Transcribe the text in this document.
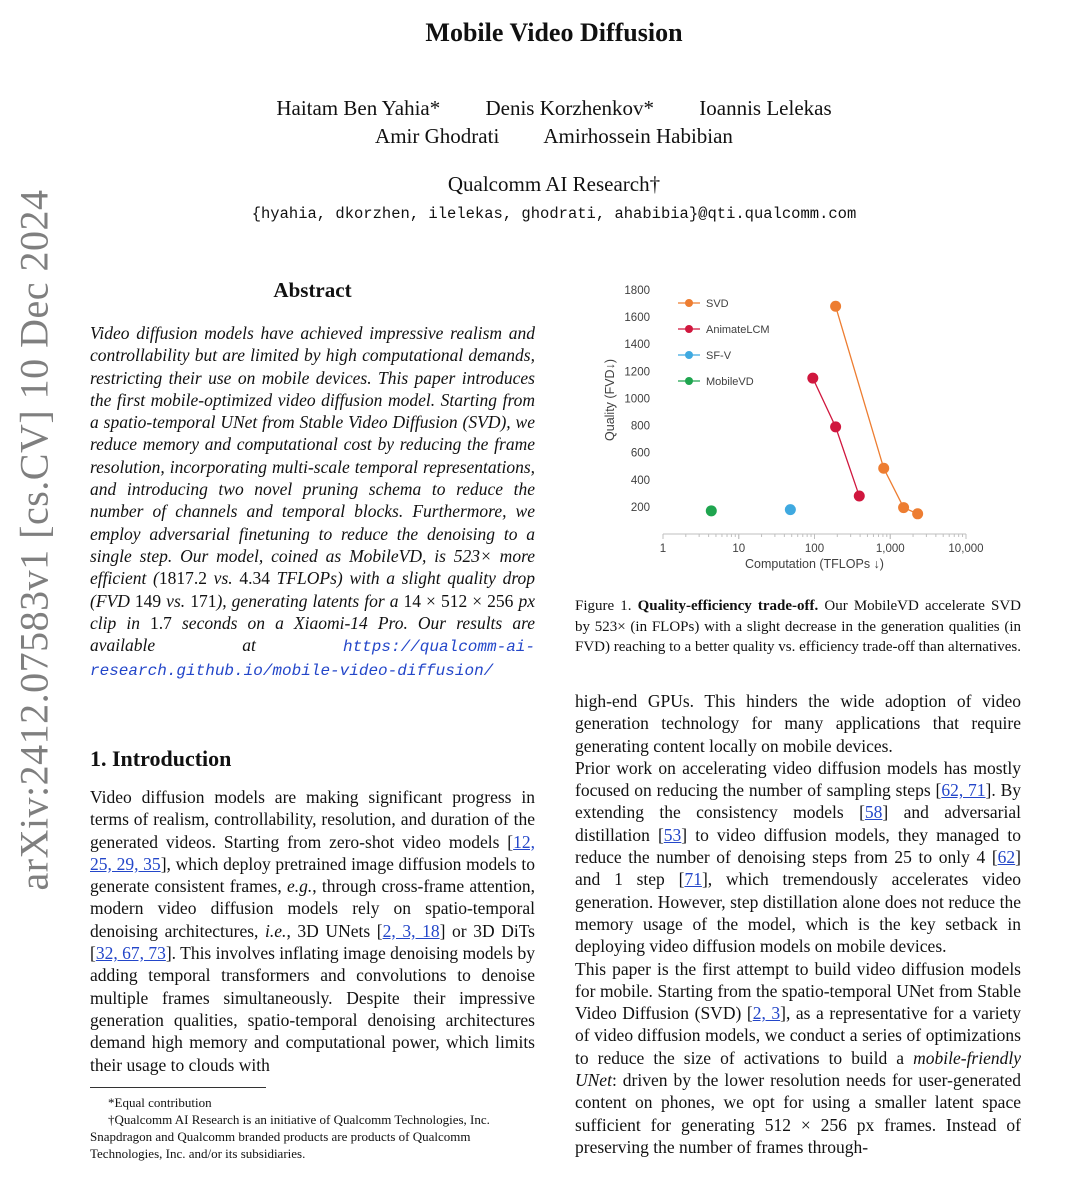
arXiv:2412.07583v1 [cs.CV] 10 Dec 2024
Mobile Video Diffusion
Haitam Ben Yahia* Denis Korzhenkov* Ioannis Lelekas
Amir Ghodrati Amirhossein Habibian
Qualcomm AI Research†
{hyahia, dkorzhen, ilelekas, ghodrati, ahabibia}@qti.qualcomm.com
Abstract
Video diffusion models have achieved impressive realism and controllability but are limited by high computational demands, restricting their use on mobile devices. This paper introduces the first mobile-optimized video diffusion model. Starting from a spatio-temporal UNet from Stable Video Diffusion (SVD), we reduce memory and computational cost by reducing the frame resolution, incorporating multi-scale temporal representations, and introducing two novel pruning schema to reduce the number of channels and temporal blocks. Furthermore, we employ adversarial finetuning to reduce the denoising to a single step. Our model, coined as MobileVD, is 523× more efficient (1817.2 vs. 4.34 TFLOPs) with a slight quality drop (FVD 149 vs. 171), generating latents for a 14 × 512 × 256 px clip in 1.7 seconds on a Xiaomi-14 Pro. Our results are available at https://qualcomm-ai-research.github.io/mobile-video-diffusion/
1. Introduction
Video diffusion models are making significant progress in terms of realism, controllability, resolution, and duration of the generated videos. Starting from zero-shot video models [12, 25, 29, 35], which deploy pretrained image diffusion models to generate consistent frames, e.g., through cross-frame attention, modern video diffusion models rely on spatio-temporal denoising architectures, i.e., 3D UNets [2, 3, 18] or 3D DiTs [32, 67, 73]. This involves inflating image denoising models by adding temporal transformers and convolutions to denoise multiple frames simultaneously. Despite their impressive generation qualities, spatio-temporal denoising architectures demand high memory and computational power, which limits their usage to clouds with
*Equal contribution
†Qualcomm AI Research is an initiative of Qualcomm Technologies, Inc. Snapdragon and Qualcomm branded products are products of Qualcomm Technologies, Inc. and/or its subsidiaries.
1	10	100	1,000	10,000
200
400
600
800
1000
1200
1400
1600
1800
Computation (TFLOPs ↓)
Quality (FVD↓)
SVD
AnimateLCM
SF-V
MobileVD
Figure 1. Quality-efficiency trade-off. Our MobileVD accelerate SVD by 523× (in FLOPs) with a slight decrease in the generation qualities (in FVD) reaching to a better quality vs. efficiency trade-off than alternatives.

high-end GPUs. This hinders the wide adoption of video generation technology for many applications that require generating content locally on mobile devices.

Prior work on accelerating video diffusion models has mostly focused on reducing the number of sampling steps [62, 71]. By extending the consistency models [58] and adversarial distillation [53] to video diffusion models, they managed to reduce the number of denoising steps from 25 to only 4 [62] and 1 step [71], which tremendously accelerates video generation. However, step distillation alone does not reduce the memory usage of the model, which is the key setback in deploying video diffusion models on mobile devices.

This paper is the first attempt to build video diffusion models for mobile. Starting from the spatio-temporal UNet from Stable Video Diffusion (SVD) [2, 3], as a representative for a variety of video diffusion models, we conduct a series of optimizations to reduce the size of activations to build a mobile-friendly UNet: driven by the lower resolution needs for user-generated content on phones, we opt for using a smaller latent space sufficient for generating 512 × 256 px frames. Instead of preserving the number of frames through-
